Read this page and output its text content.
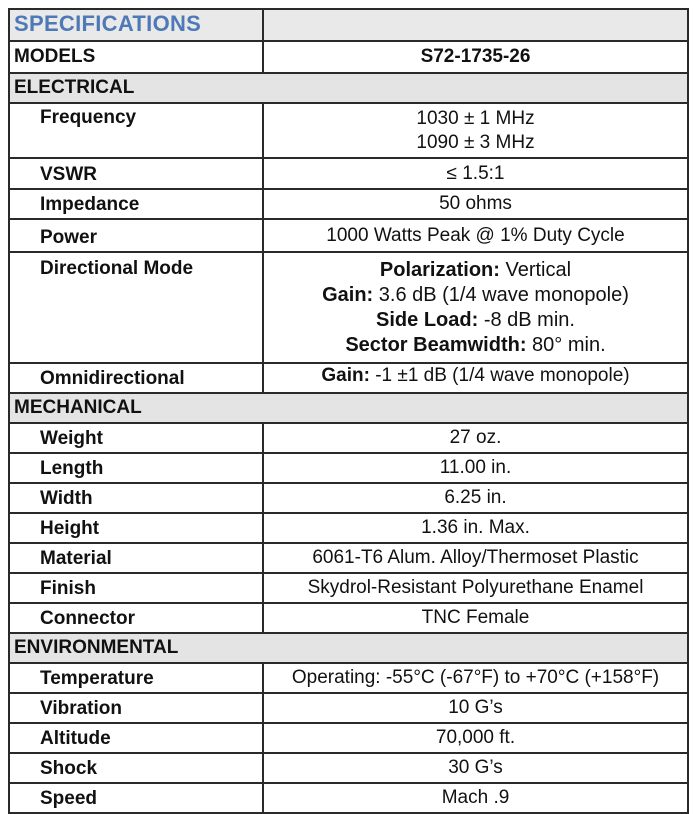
SPECIFICATIONS	
MODELS	S72-1735-26
ELECTRICAL	
Frequency	1030 ± 1 MHz
1090 ± 3 MHz

VSWR	≤ 1.5:1
Impedance	50 ohms
Power	1000 Watts Peak @ 1% Duty Cycle
Directional Mode	Polarization: Vertical
Gain: 3.6 dB (1/4 wave monopole)
Side Load: -8 dB min.
Sector Beamwidth: 80° min.

Omnidirectional	Gain: -1 ±1 dB (1/4 wave monopole)
MECHANICAL	
Weight	27 oz.
Length	11.00 in.
Width	6.25 in.
Height	1.36 in. Max.
Material	6061-T6 Alum. Alloy/Thermoset Plastic
Finish	Skydrol-Resistant Polyurethane Enamel
Connector	TNC Female
ENVIRONMENTAL	
Temperature	Operating: -55°C (-67°F) to +70°C (+158°F)
Vibration	10 G’s
Altitude	70,000 ft.
Shock	30 G’s
Speed	Mach .9
